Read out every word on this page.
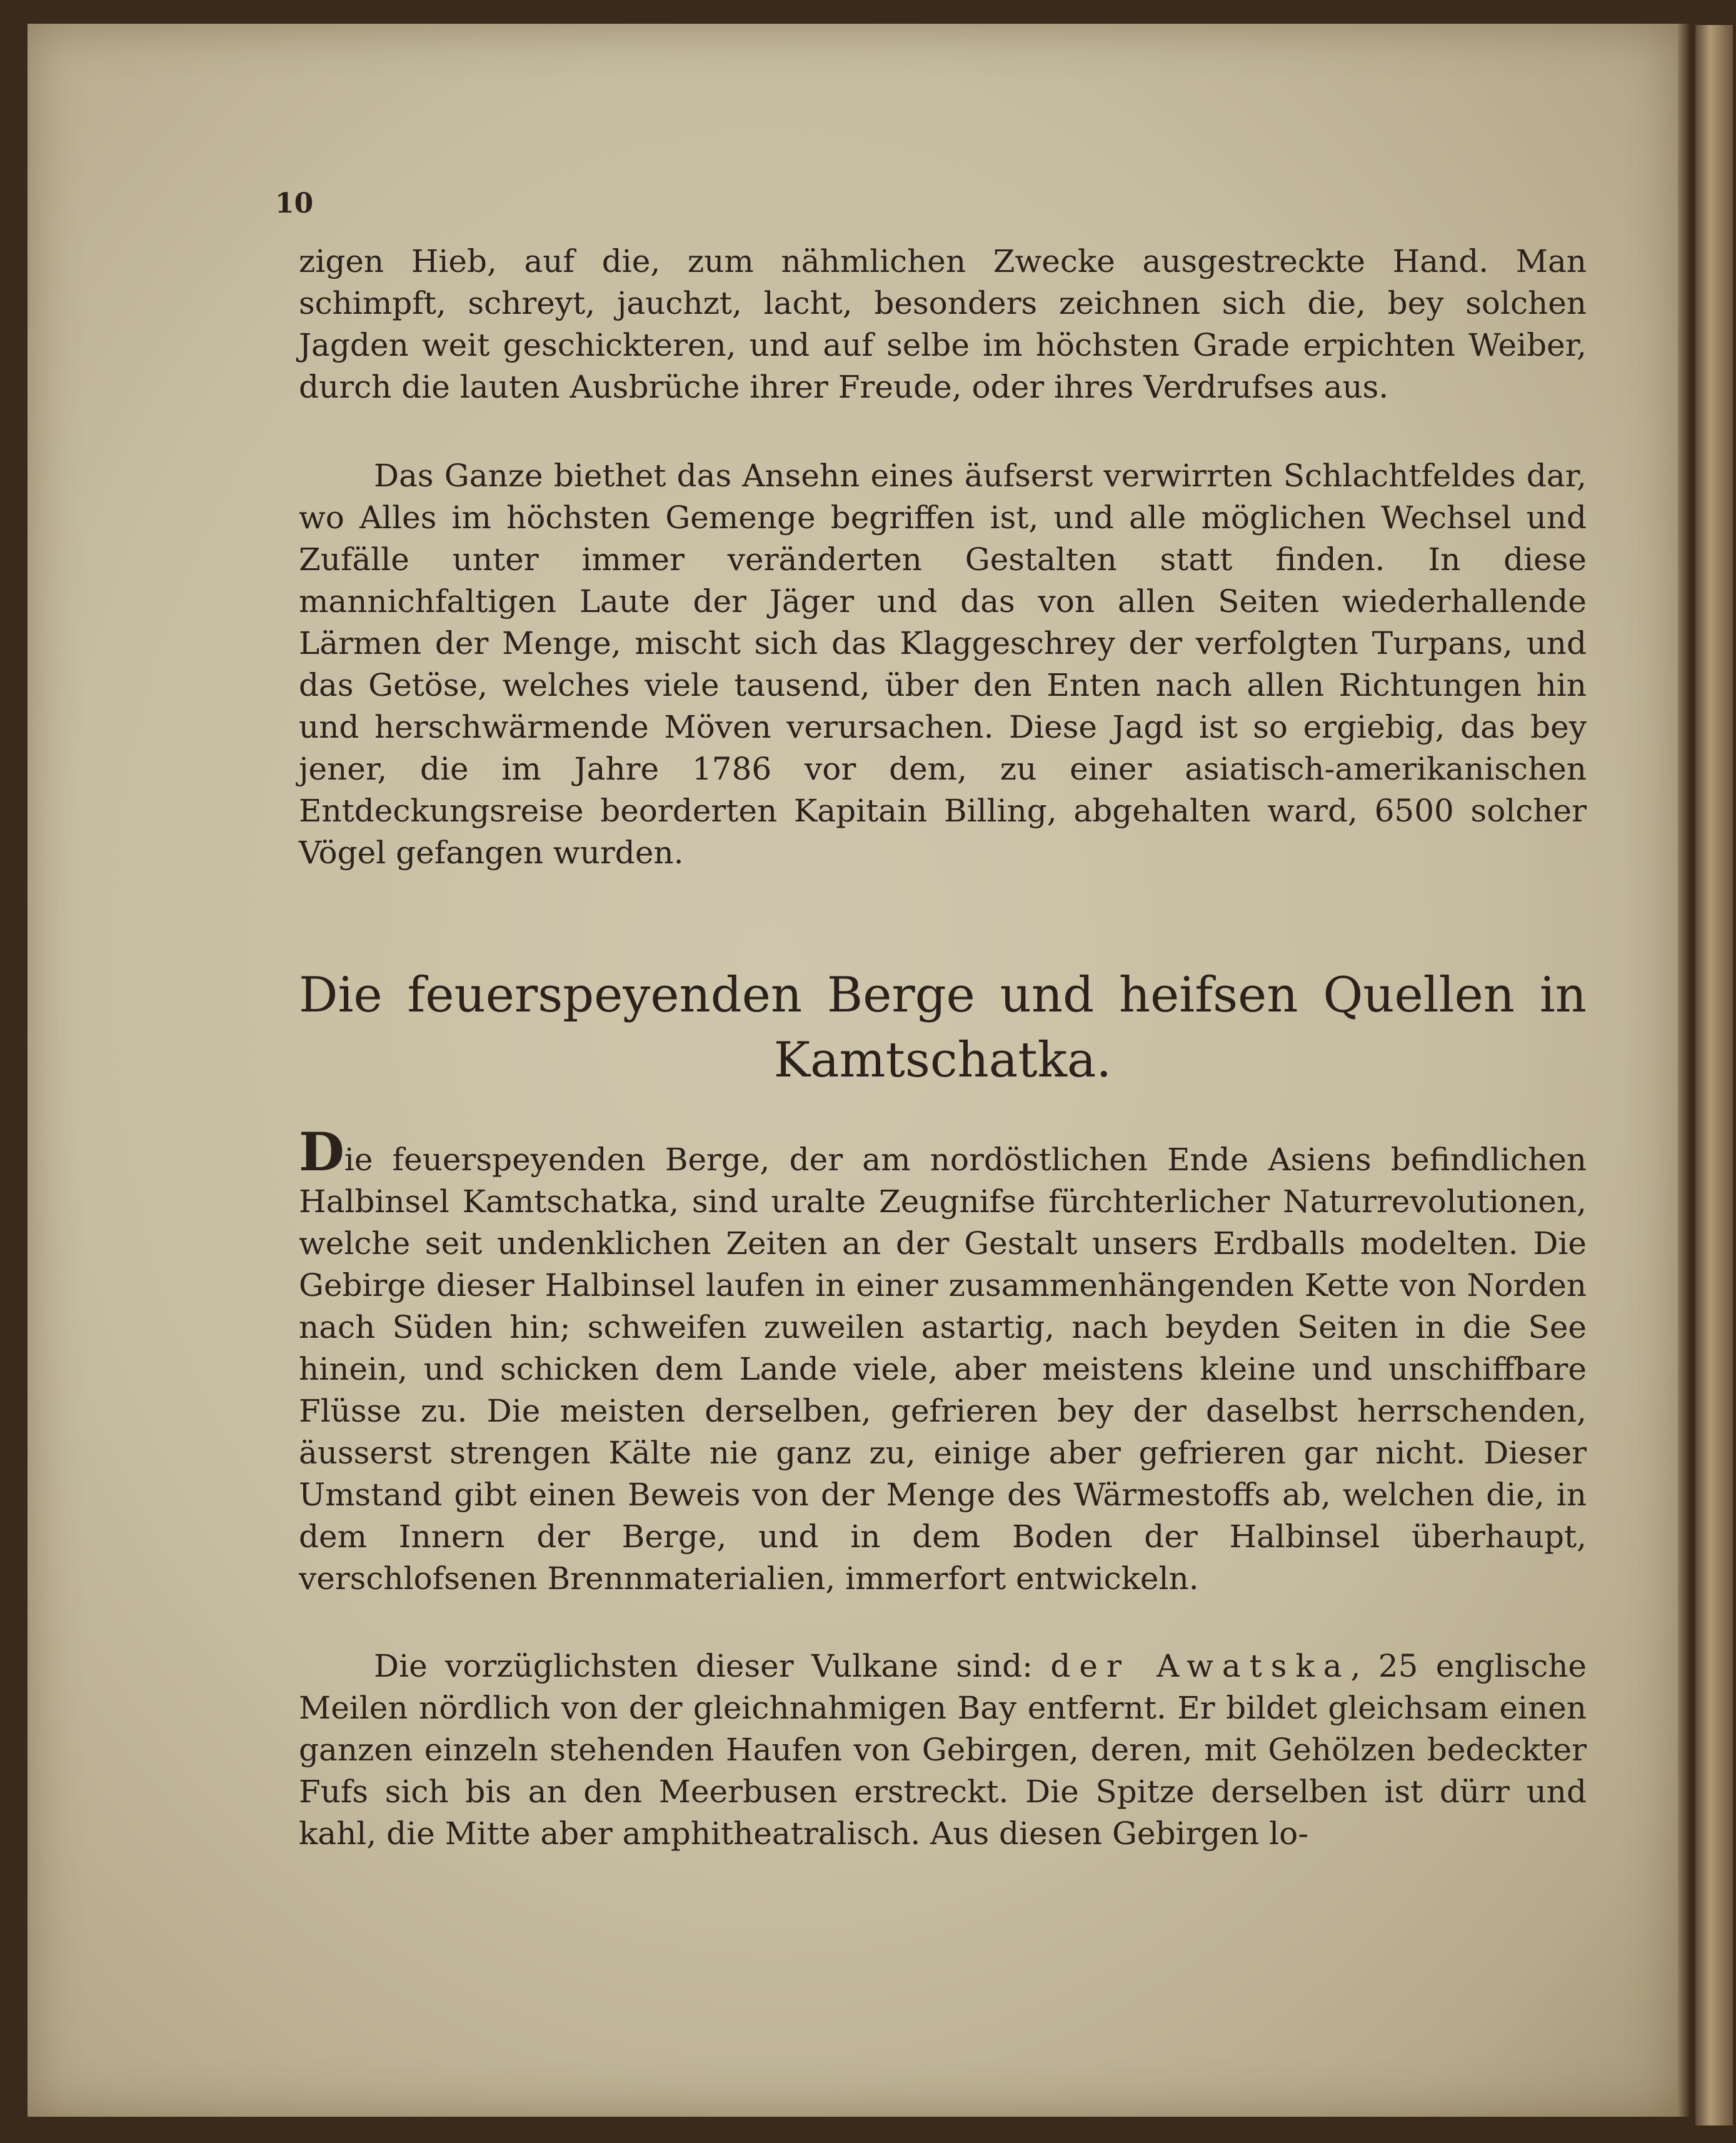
10

zigen Hieb, auf die, zum nähmlichen Zwecke ausgestreckte Hand. Man schimpft, schreyt, jauchzt, lacht, besonders zeichnen sich die, bey solchen Jagden weit geschickteren, und auf selbe im höchsten Grade erpichten Weiber, durch die lauten Ausbrüche ihrer Freude, oder ihres Verdrufses aus.

Das Ganze biethet das Ansehn eines äufserst verwirrten Schlachtfeldes dar, wo Alles im höchsten Gemenge begriffen ist, und alle möglichen Wechsel und Zufälle unter immer veränderten Gestalten statt finden. In diese mannichfaltigen Laute der Jäger und das von allen Seiten wiederhallende Lärmen der Menge, mischt sich das Klaggeschrey der verfolgten Turpans, und das Getöse, welches viele tausend, über den Enten nach allen Richtungen hin und herschwärmende Möven verursachen. Diese Jagd ist so ergiebig, das bey jener, die im Jahre 1786 vor dem, zu einer asiatisch-amerikanischen Entdeckungsreise beorderten Kapitain Billing, abgehalten ward, 6500 solcher Vögel gefangen wurden.

Die feuerspeyenden Berge und heifsen Quellen in
Kamtschatka.

Die feuerspeyenden Berge, der am nordöstlichen Ende Asiens befindlichen Halbinsel Kamtschatka, sind uralte Zeugnifse fürchterlicher Naturrevolutionen, welche seit undenklichen Zeiten an der Gestalt unsers Erdballs modelten. Die Gebirge dieser Halbinsel laufen in einer zusammenhängenden Kette von Norden nach Süden hin; schweifen zuweilen astartig, nach beyden Seiten in die See hinein, und schicken dem Lande viele, aber meistens kleine und unschiffbare Flüsse zu. Die meisten derselben, gefrieren bey der daselbst herrschenden, äusserst strengen Kälte nie ganz zu, einige aber gefrieren gar nicht. Dieser Umstand gibt einen Beweis von der Menge des Wärmestoffs ab, welchen die, in dem Innern der Berge, und in dem Boden der Halbinsel überhaupt, verschlofsenen Brennmaterialien, immerfort entwickeln.

Die vorzüglichsten dieser Vulkane sind: der Awatska, 25 englische Meilen nördlich von der gleichnahmigen Bay entfernt. Er bildet gleichsam einen ganzen einzeln stehenden Haufen von Gebirgen, deren, mit Gehölzen bedeckter Fufs sich bis an den Meerbusen erstreckt. Die Spitze derselben ist dürr und kahl, die Mitte aber amphitheatralisch. Aus diesen Gebirgen lo-
